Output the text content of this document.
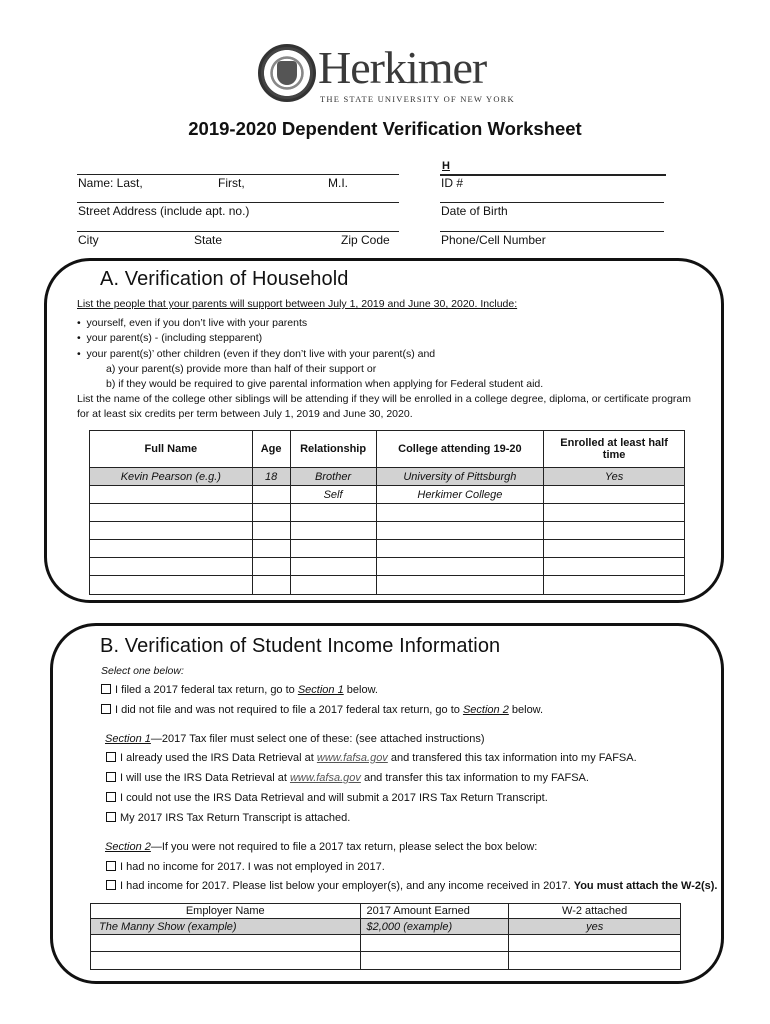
Herkimer
THE STATE UNIVERSITY OF NEW YORK
2019-2020 Dependent Verification Worksheet
H
Name: Last,	First,	M.I.	ID #
Street Address (include apt. no.)	Date of Birth
City	State	Zip Code	Phone/Cell Number
A. Verification of Household
List the people that your parents will support between July 1, 2019 and June 30, 2020. Include:
•  yourself, even if you don’t live with your parents
•  your parent(s) - (including stepparent)
•  your parent(s)’ other children (even if they don’t live with your parent(s) and
a) your parent(s) provide more than half of their support or
b) if they would be required to give parental information when applying for Federal student aid.
List the name of the college other siblings will be attending if they will be enrolled in a college degree, diploma, or certificate program
for at least six credits per term between July 1, 2019 and June 30, 2020.
Full Name	Age	Relationship	College attending 19-20	Enrolled at least half time
Kevin Pearson (e.g.)	18	Brother	University of Pittsburgh	Yes
		Self	Herkimer College	

B. Verification of Student Income Information
Select one below:
I filed a 2017 federal tax return, go to Section 1 below.
I did not file and was not required to file a 2017 federal tax return, go to Section 2 below.
Section 1—2017 Tax filer must select one of these: (see attached instructions)
I already used the IRS Data Retrieval at www.fafsa.gov and transfered this tax information into my FAFSA.
I will use the IRS Data Retrieval at www.fafsa.gov and transfer this tax information to my FAFSA.
I could not use the IRS Data Retrieval and will submit a 2017 IRS Tax Return Transcript.
My 2017 IRS Tax Return Transcript is attached.
Section 2—If you were not required to file a 2017 tax return, please select the box below:
I had no income for 2017. I was not employed in 2017.
I had income for 2017. Please list below your employer(s), and any income received in 2017. You must attach the W-2(s).
Employer Name	2017 Amount Earned	W-2 attached
The Manny Show (example)	$2,000 (example)	yes
